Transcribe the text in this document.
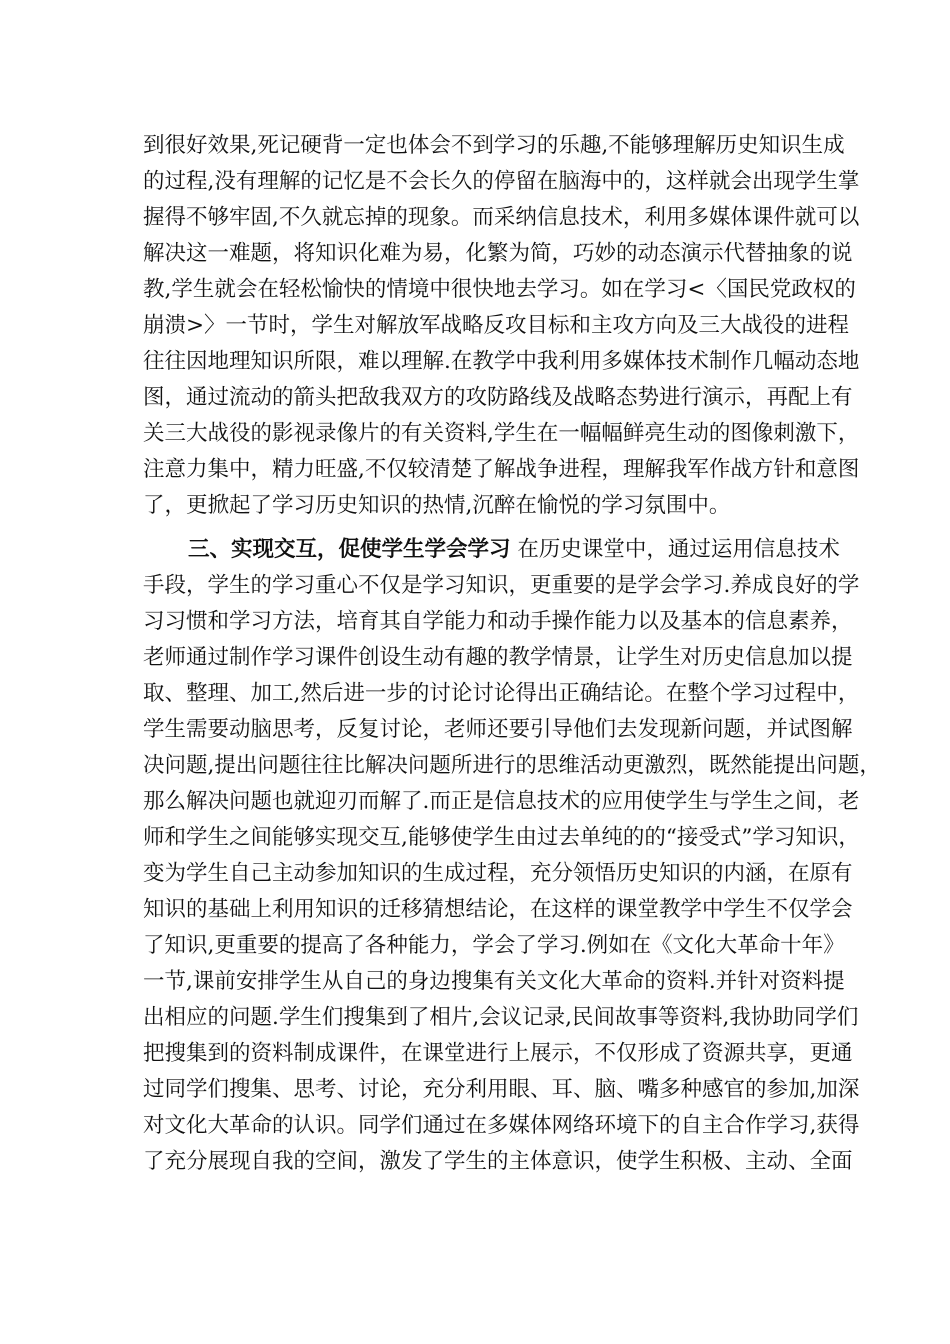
到很好效果,死记硬背一定也体会不到学习的乐趣,不能够理解历史知识生成
的过程,没有理解的记忆是不会长久的停留在脑海中的，这样就会出现学生掌
握得不够牢固,不久就忘掉的现象。而采纳信息技术，利用多媒体课件就可以
解决这一难题，将知识化难为易，化繁为简，巧妙的动态演示代替抽象的说
教,学生就会在轻松愉快的情境中很快地去学习。如在学习<〈国民党政权的
崩溃>〉一节时，学生对解放军战略反攻目标和主攻方向及三大战役的进程
往往因地理知识所限，难以理解.在教学中我利用多媒体技术制作几幅动态地
图，通过流动的箭头把敌我双方的攻防路线及战略态势进行演示，再配上有
关三大战役的影视录像片的有关资料,学生在一幅幅鲜亮生动的图像刺激下，
注意力集中，精力旺盛,不仅较清楚了解战争进程，理解我军作战方针和意图
了，更掀起了学习历史知识的热情,沉醉在愉悦的学习氛围中。
三、实现交互，促使学生学会学习 在历史课堂中，通过运用信息技术
手段，学生的学习重心不仅是学习知识，更重要的是学会学习.养成良好的学
习习惯和学习方法，培育其自学能力和动手操作能力以及基本的信息素养，
老师通过制作学习课件创设生动有趣的教学情景，让学生对历史信息加以提
取、整理、加工,然后进一步的讨论讨论得出正确结论。在整个学习过程中，
学生需要动脑思考，反复讨论，老师还要引导他们去发现新问题，并试图解
决问题,提出问题往往比解决问题所进行的思维活动更激烈，既然能提出问题，
那么解决问题也就迎刃而解了.而正是信息技术的应用使学生与学生之间，老
师和学生之间能够实现交互,能够使学生由过去单纯的的“接受式”学习知识，
变为学生自己主动参加知识的生成过程，充分领悟历史知识的内涵，在原有
知识的基础上利用知识的迁移猜想结论，在这样的课堂教学中学生不仅学会
了知识,更重要的提高了各种能力，学会了学习.例如在《文化大革命十年》
一节,课前安排学生从自己的身边搜集有关文化大革命的资料.并针对资料提
出相应的问题.学生们搜集到了相片,会议记录,民间故事等资料,我协助同学们
把搜集到的资料制成课件，在课堂进行上展示，不仅形成了资源共享，更通
过同学们搜集、思考、讨论，充分利用眼、耳、脑、嘴多种感官的参加,加深
对文化大革命的认识。同学们通过在多媒体网络环境下的自主合作学习,获得
了充分展现自我的空间，激发了学生的主体意识，使学生积极、主动、全面
